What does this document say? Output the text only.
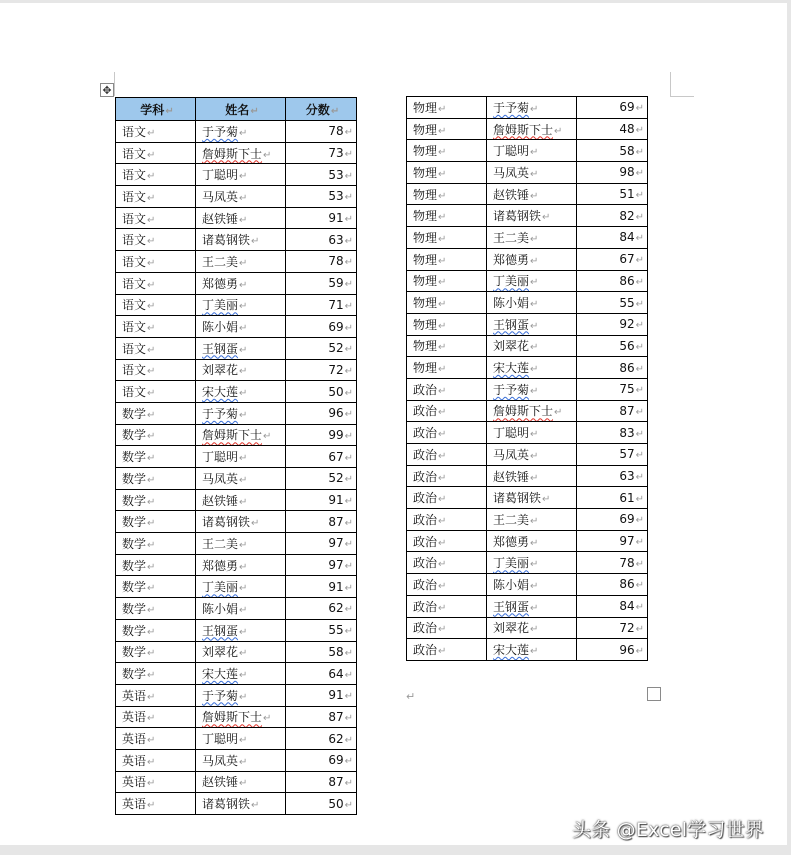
✥
学科↵	姓名↵	分数↵
语文↵	于予菊↵	78↵
语文↵	詹姆斯下士↵	73↵
语文↵	丁聪明↵	53↵
语文↵	马凤英↵	53↵
语文↵	赵铁锤↵	91↵
语文↵	诸葛钢铁↵	63↵
语文↵	王二美↵	78↵
语文↵	郑德勇↵	59↵
语文↵	丁美丽↵	71↵
语文↵	陈小娟↵	69↵
语文↵	王钢蛋↵	52↵
语文↵	刘翠花↵	72↵
语文↵	宋大莲↵	50↵
数学↵	于予菊↵	96↵
数学↵	詹姆斯下士↵	99↵
数学↵	丁聪明↵	67↵
数学↵	马凤英↵	52↵
数学↵	赵铁锤↵	91↵
数学↵	诸葛钢铁↵	87↵
数学↵	王二美↵	97↵
数学↵	郑德勇↵	97↵
数学↵	丁美丽↵	91↵
数学↵	陈小娟↵	62↵
数学↵	王钢蛋↵	55↵
数学↵	刘翠花↵	58↵
数学↵	宋大莲↵	64↵
英语↵	于予菊↵	91↵
英语↵	詹姆斯下士↵	87↵
英语↵	丁聪明↵	62↵
英语↵	马凤英↵	69↵
英语↵	赵铁锤↵	87↵
英语↵	诸葛钢铁↵	50↵
物理↵	于予菊↵	69↵
物理↵	詹姆斯下士↵	48↵
物理↵	丁聪明↵	58↵
物理↵	马凤英↵	98↵
物理↵	赵铁锤↵	51↵
物理↵	诸葛钢铁↵	82↵
物理↵	王二美↵	84↵
物理↵	郑德勇↵	67↵
物理↵	丁美丽↵	86↵
物理↵	陈小娟↵	55↵
物理↵	王钢蛋↵	92↵
物理↵	刘翠花↵	56↵
物理↵	宋大莲↵	86↵
政治↵	于予菊↵	75↵
政治↵	詹姆斯下士↵	87↵
政治↵	丁聪明↵	83↵
政治↵	马凤英↵	57↵
政治↵	赵铁锤↵	63↵
政治↵	诸葛钢铁↵	61↵
政治↵	王二美↵	69↵
政治↵	郑德勇↵	97↵
政治↵	丁美丽↵	78↵
政治↵	陈小娟↵	86↵
政治↵	王钢蛋↵	84↵
政治↵	刘翠花↵	72↵
政治↵	宋大莲↵	96↵
↵
头条 @Excel学习世界
